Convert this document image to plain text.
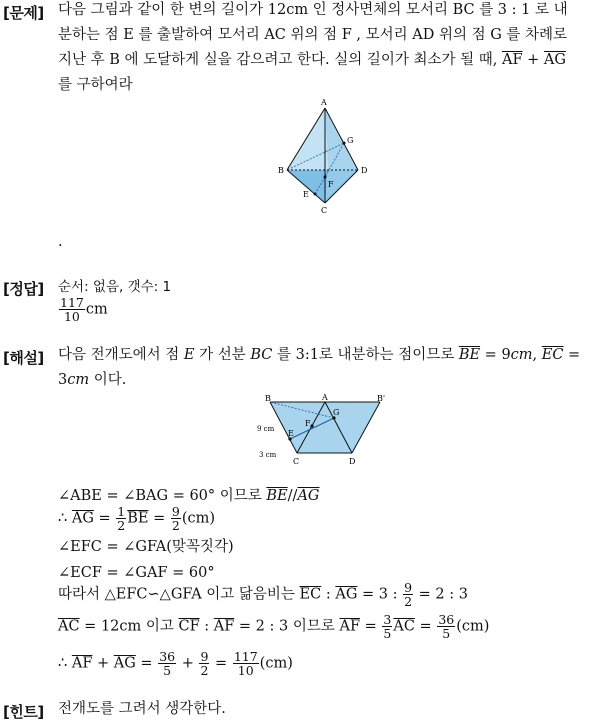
[문제] 다음 그림과 같이 한 변의 길이가 12cm 인 정사면체의 모서리 BC 를 3 : 1 로 내
분하는 점 E 를 출발하여 모서리 AC 위의 점 F , 모서리 AD 위의 점 G 를 차례로
지난 후 B 에 도달하게 실을 감으려고 한다. 실의 길이가 최소가 될 때, $\overline{AF} + \overline{AG}$
를 구하여라
A
B
C
D
E
F
G
.
[정답] 순서: 없음, 갯수: 1
$\frac{117}{10}$ cm
[해설] 다음 전개도에서 점 E 가 선분 BC 를 3:1로 내분하는 점이므로 $\overline{BE} = 9cm$, $\overline{EC}$ =
3cm 이다.
B	A	B'
C	D
E
F
G
9 cm
3 cm
∠ABE = ∠BAG = 60° 이므로 $\overline{BE}//\overline{AG}$
∴ $\overline{AG} = \frac{1}{2} \overline{BE} = \frac{9}{2} (cm)$
∠EFC = ∠GFA(맞꼭짓각)
∠ECF = ∠GAF = 60°
따라서 △EFC∽△GFA 이고 닮음비는 $\overline{EC}$ : $\overline{AG} = 3$ : $\frac{9}{2} = 2$ : 3
$\overline{AC} = 12cm$ 이고 $\overline{CF}$ : $\overline{AF} = 2$ : 3 이므로 $\overline{AF} = \frac{3}{5} \overline{AC} = \frac{36}{5} (cm)$
∴ $\overline{AF} + \overline{AG} = \frac{36}{5} + \frac{9}{2} = \frac{117}{10} (cm)$
[힌트] 전개도를 그려서 생각한다.
